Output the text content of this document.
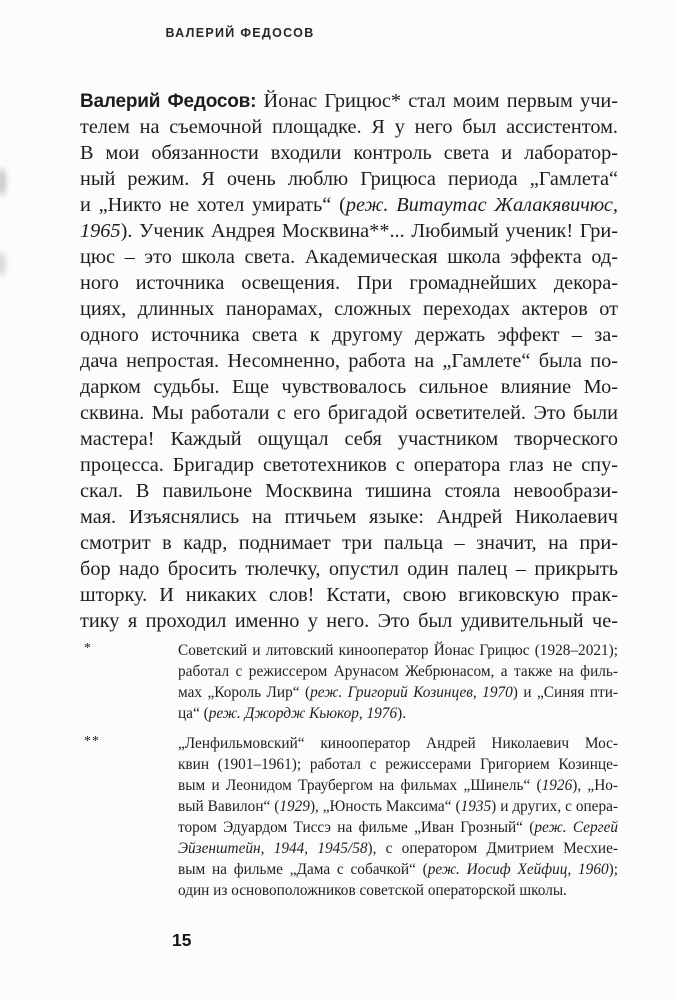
ВАЛЕРИЙ ФЕДОСОВ
Валерий Федосов: Йонас Грицюс* стал моим первым учи-
телем на съемочной площадке. Я у него был ассистентом.
В мои обязанности входили контроль света и лаборатор-
ный режим. Я очень люблю Грицюса периода „Гамлета“
и „Никто не хотел умирать“ (реж. Витаутас Жалакявичюс,
1965). Ученик Андрея Москвина**... Любимый ученик! Гри-
цюс – это школа света. Академическая школа эффекта од-
ного источника освещения. При громаднейших декора-
циях, длинных панорамах, сложных переходах актеров от
одного источника света к другому держать эффект – за-
дача непростая. Несомненно, работа на „Гамлете“ была по-
дарком судьбы. Еще чувствовалось сильное влияние Мо-
сквина. Мы работали с его бригадой осветителей. Это были
мастера! Каждый ощущал себя участником творческого
процесса. Бригадир светотехников с оператора глаз не спу-
скал. В павильоне Москвина тишина стояла невообрази-
мая. Изъяснялись на птичьем языке: Андрей Николаевич
смотрит в кадр, поднимает три пальца – значит, на при-
бор надо бросить тюлечку, опустил один палец – прикрыть
шторку. И никаких слов! Кстати, свою вгиковскую прак-
тику я проходил именно у него. Это был удивительный че-
*	Советский и литовский кинооператор Йонас Грицюс (1928–2021);
работал с режиссером Арунасом Жебрюнасом, а также на филь-
мах „Король Лир“ (реж. Григорий Козинцев, 1970) и „Синяя пти-
ца“ (реж. Джордж Кьюкор, 1976).
**	„Ленфильмовский“ кинооператор Андрей Николаевич Мос-
квин (1901–1961); работал с режиссерами Григорием Козинце-
вым и Леонидом Траубергом на фильмах „Шинель“ (1926), „Но-
вый Вавилон“ (1929), „Юность Максима“ (1935) и других, с опера-
тором Эдуардом Тиссэ на фильме „Иван Грозный“ (реж. Сергей
Эйзенштейн, 1944, 1945/58), с оператором Дмитрием Месхие-
вым на фильме „Дама с собачкой“ (реж. Иосиф Хейфиц, 1960);
один из основоположников советской операторской школы.
15
